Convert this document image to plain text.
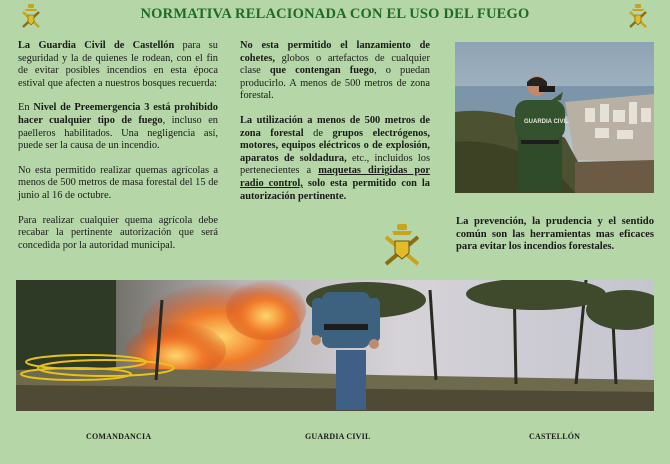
NORMATIVA RELACIONADA CON EL USO DEL FUEGO

La Guardia Civil de Castellón para su seguridad y la de quienes le rodean, con el fin de evitar posibles incendios en esta época estival que afecten a nuestros bosques recuerda:

En Nivel de Preemergencia 3 está prohibido hacer cualquier tipo de fuego, incluso en paelleros habilitados. Una negligencia así, puede ser la causa de un incendio.

No esta permitido realizar quemas agrícolas a menos de 500 metros de masa forestal del 15 de junio al 16 de octubre.

Para realizar cualquier quema agrícola debe recabar la pertinente autorización que será concedida por la autoridad municipal.

No esta permitido el lanzamiento de cohetes, globos o artefactos de cualquier clase que contengan fuego, o puedan producirlo. A menos de 500 metros de zona forestal.

La utilización a menos de 500 metros de zona forestal de grupos electrógenos, motores, equipos eléctricos o de explosión, aparatos de soldadura, etc., incluidos los pertenecientes a maquetas dirigidas por radio control, solo esta permitido con la autorización pertinente.

GUARDIA CIVIL
La prevención, la prudencia y el sentido común son las herramientas mas eficaces para evitar los incendios forestales.
COMANDANCIA	GUARDIA CIVIL	CASTELLÓN
